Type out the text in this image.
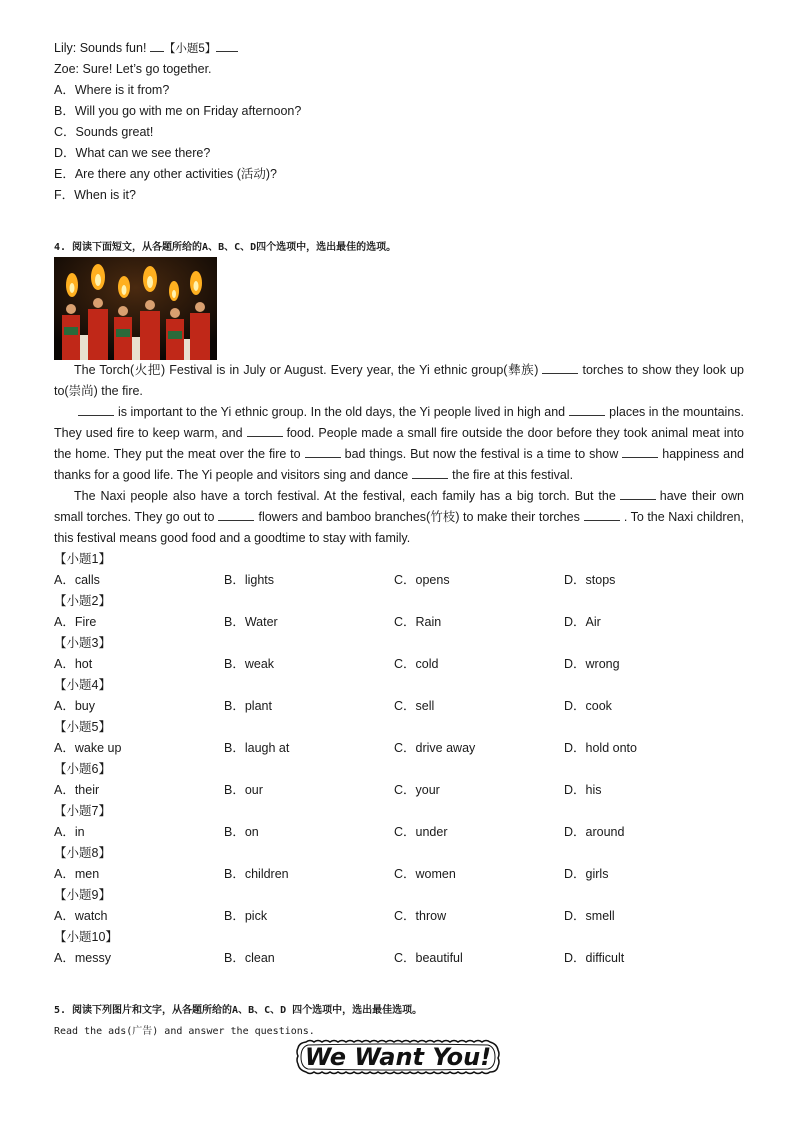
Lily: Sounds fun! 【小题5】
Zoe: Sure! Let’s go together.
A．Where is it from?
B．Will you go with me on Friday afternoon?
C．Sounds great!
D．What can we see there?
E．Are there any other activities (活动)?
F．When is it?
4. 阅读下面短文，从各题所给的A、B、C、D四个选项中，选出最佳的选项。
The Torch(火把) Festival is in July or August. Every year, the Yi ethnic group(彝族)	torches to show they look up to(崇尚) the fire.
is important to the Yi ethnic group. In the old days, the Yi people lived in high and	places in the mountains. They used fire to keep warm, and	food. People made a small fire outside the door before they took animal meat into the home. They put the meat over the fire to	bad things. But now the festival is a time to show	happiness and thanks for a good life. The Yi people and visitors sing and dance	the fire at this festival.
The Naxi people also have a torch festival. At the festival, each family has a big torch. But the	have their own small torches. They go out to	flowers and bamboo branches(竹枝) to make their torches	. To the Naxi children, this festival means good food and a goodtime to stay with family.
【小题1】
A．calls	B．lights	C．opens	D．stops
【小题2】
A．Fire	B．Water	C．Rain	D．Air
【小题3】
A．hot	B．weak	C．cold	D．wrong
【小题4】
A．buy	B．plant	C．sell	D．cook
【小题5】
A．wake up	B．laugh at	C．drive away	D．hold onto
【小题6】
A．their	B．our	C．your	D．his
【小题7】
A．in	B．on	C．under	D．around
【小题8】
A．men	B．children	C．women	D．girls
【小题9】
A．watch	B．pick	C．throw	D．smell
【小题10】
A．messy	B．clean	C．beautiful	D．difficult
5. 阅读下列图片和文字，从各题所给的A、B、C、D 四个选项中，选出最佳选项。
Read the ads(广告) and answer the questions.
We Want You!
